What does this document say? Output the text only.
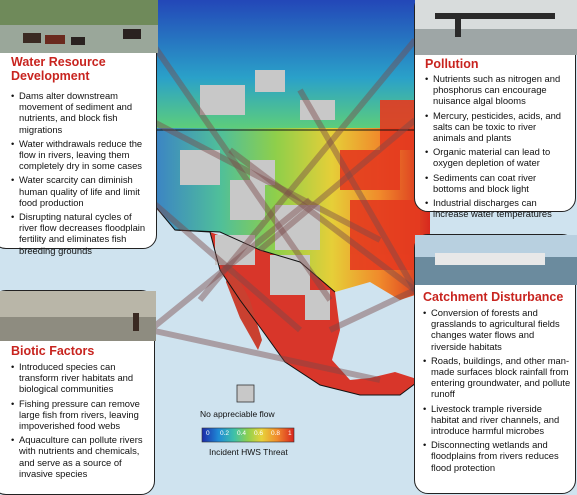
No appreciable flow
0 0.2 0.4 0.6 0.8 1
Incident HWS Threat
Water Resource
Development
• Dams alter downstream movement of sediment and nutrients, and block fish migrations
• Water withdrawals reduce the flow in rivers, leaving them completely dry in some cases
• Water scarcity can diminish human quality of life and limit food production
• Disrupting natural cycles of river flow decreases floodplain fertility and eliminates fish breeding grounds
Pollution
• Nutrients such as nitrogen and phosphorus can encourage nuisance algal blooms
• Mercury, pesticides, acids, and salts can be toxic to river animals and plants
• Organic material can lead to oxygen depletion of water
• Sediments can coat river bottoms and block light
• Industrial discharges can increase water temperatures
Biotic Factors
• Introduced species can transform river habitats and biological communities
• Fishing pressure can remove large fish from rivers, leaving impoverished food webs
• Aquaculture can pollute rivers with nutrients and chemicals, and serve as a source of invasive species
Catchment Disturbance
• Conversion of forests and grasslands to agricultural fields changes water flows and riverside habitats
• Roads, buildings, and other man-made surfaces block rainfall from entering groundwater, and pollute runoff
• Livestock trample riverside habitat and river channels, and introduce harmful microbes
• Disconnecting wetlands and floodplains from rivers reduces flood protection
